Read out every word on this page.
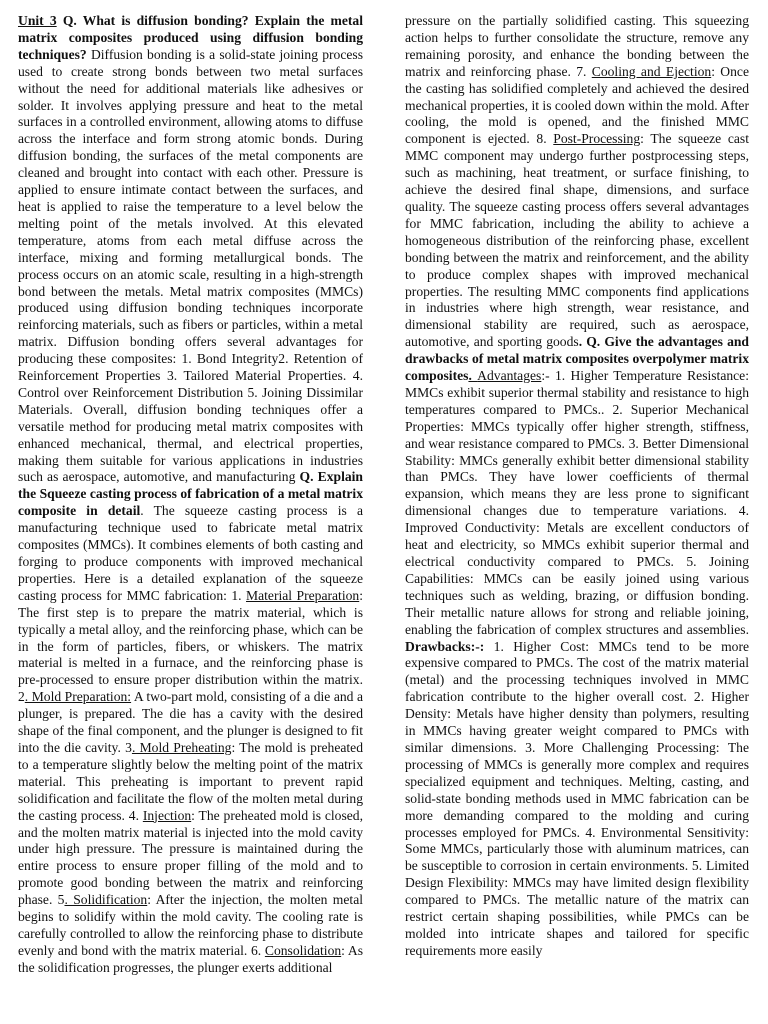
Unit 3 Q. What is diffusion bonding? Explain the metal matrix composites produced using diffusion bonding techniques? Diffusion bonding is a solid-state joining process used to create strong bonds between two metal surfaces without the need for additional materials like adhesives or solder. It involves applying pressure and heat to the metal surfaces in a controlled environment, allowing atoms to diffuse across the interface and form strong atomic bonds. During diffusion bonding, the surfaces of the metal components are cleaned and brought into contact with each other. Pressure is applied to ensure intimate contact between the surfaces, and heat is applied to raise the temperature to a level below the melting point of the metals involved. At this elevated temperature, atoms from each metal diffuse across the interface, mixing and forming metallurgical bonds. The process occurs on an atomic scale, resulting in a high-strength bond between the metals. Metal matrix composites (MMCs) produced using diffusion bonding techniques incorporate reinforcing materials, such as fibers or particles, within a metal matrix. Diffusion bonding offers several advantages for producing these composites: 1. Bond Integrity2. Retention of Reinforcement Properties 3. Tailored Material Properties. 4. Control over Reinforcement Distribution 5. Joining Dissimilar Materials. Overall, diffusion bonding techniques offer a versatile method for producing metal matrix composites with enhanced mechanical, thermal, and electrical properties, making them suitable for various applications in industries such as aerospace, automotive, and manufacturing Q. Explain the Squeeze casting process of fabrication of a metal matrix composite in detail. The squeeze casting process is a manufacturing technique used to fabricate metal matrix composites (MMCs). It combines elements of both casting and forging to produce components with improved mechanical properties. Here is a detailed explanation of the squeeze casting process for MMC fabrication: 1. Material Preparation: The first step is to prepare the matrix material, which is typically a metal alloy, and the reinforcing phase, which can be in the form of particles, fibers, or whiskers. The matrix material is melted in a furnace, and the reinforcing phase is pre-processed to ensure proper distribution within the matrix. 2. Mold Preparation: A two-part mold, consisting of a die and a plunger, is prepared. The die has a cavity with the desired shape of the final component, and the plunger is designed to fit into the die cavity. 3. Mold Preheating: The mold is preheated to a temperature slightly below the melting point of the matrix material. This preheating is important to prevent rapid solidification and facilitate the flow of the molten metal during the casting process. 4. Injection: The preheated mold is closed, and the molten matrix material is injected into the mold cavity under high pressure. The pressure is maintained during the entire process to ensure proper filling of the mold and to promote good bonding between the matrix and reinforcing phase. 5. Solidification: After the injection, the molten metal begins to solidify within the mold cavity. The cooling rate is carefully controlled to allow the reinforcing phase to distribute evenly and bond with the matrix material. 6. Consolidation: As the solidification progresses, the plunger exerts additional

pressure on the partially solidified casting. This squeezing action helps to further consolidate the structure, remove any remaining porosity, and enhance the bonding between the matrix and reinforcing phase. 7. Cooling and Ejection: Once the casting has solidified completely and achieved the desired mechanical properties, it is cooled down within the mold. After cooling, the mold is opened, and the finished MMC component is ejected. 8. Post-Processing: The squeeze cast MMC component may undergo further postprocessing steps, such as machining, heat treatment, or surface finishing, to achieve the desired final shape, dimensions, and surface quality. The squeeze casting process offers several advantages for MMC fabrication, including the ability to achieve a homogeneous distribution of the reinforcing phase, excellent bonding between the matrix and reinforcement, and the ability to produce complex shapes with improved mechanical properties. The resulting MMC components find applications in industries where high strength, wear resistance, and dimensional stability are required, such as aerospace, automotive, and sporting goods. Q. Give the advantages and drawbacks of metal matrix composites overpolymer matrix composites. Advantages:- 1. Higher Temperature Resistance: MMCs exhibit superior thermal stability and resistance to high temperatures compared to PMCs.. 2. Superior Mechanical Properties: MMCs typically offer higher strength, stiffness, and wear resistance compared to PMCs. 3. Better Dimensional Stability: MMCs generally exhibit better dimensional stability than PMCs. They have lower coefficients of thermal expansion, which means they are less prone to significant dimensional changes due to temperature variations. 4. Improved Conductivity: Metals are excellent conductors of heat and electricity, so MMCs exhibit superior thermal and electrical conductivity compared to PMCs. 5. Joining Capabilities: MMCs can be easily joined using various techniques such as welding, brazing, or diffusion bonding. Their metallic nature allows for strong and reliable joining, enabling the fabrication of complex structures and assemblies. Drawbacks:-: 1. Higher Cost: MMCs tend to be more expensive compared to PMCs. The cost of the matrix material (metal) and the processing techniques involved in MMC fabrication contribute to the higher overall cost. 2. Higher Density: Metals have higher density than polymers, resulting in MMCs having greater weight compared to PMCs with similar dimensions. 3. More Challenging Processing: The processing of MMCs is generally more complex and requires specialized equipment and techniques. Melting, casting, and solid-state bonding methods used in MMC fabrication can be more demanding compared to the molding and curing processes employed for PMCs. 4. Environmental Sensitivity: Some MMCs, particularly those with aluminum matrices, can be susceptible to corrosion in certain environments. 5. Limited Design Flexibility: MMCs may have limited design flexibility compared to PMCs. The metallic nature of the matrix can restrict certain shaping possibilities, while PMCs can be molded into intricate shapes and tailored for specific requirements more easily
